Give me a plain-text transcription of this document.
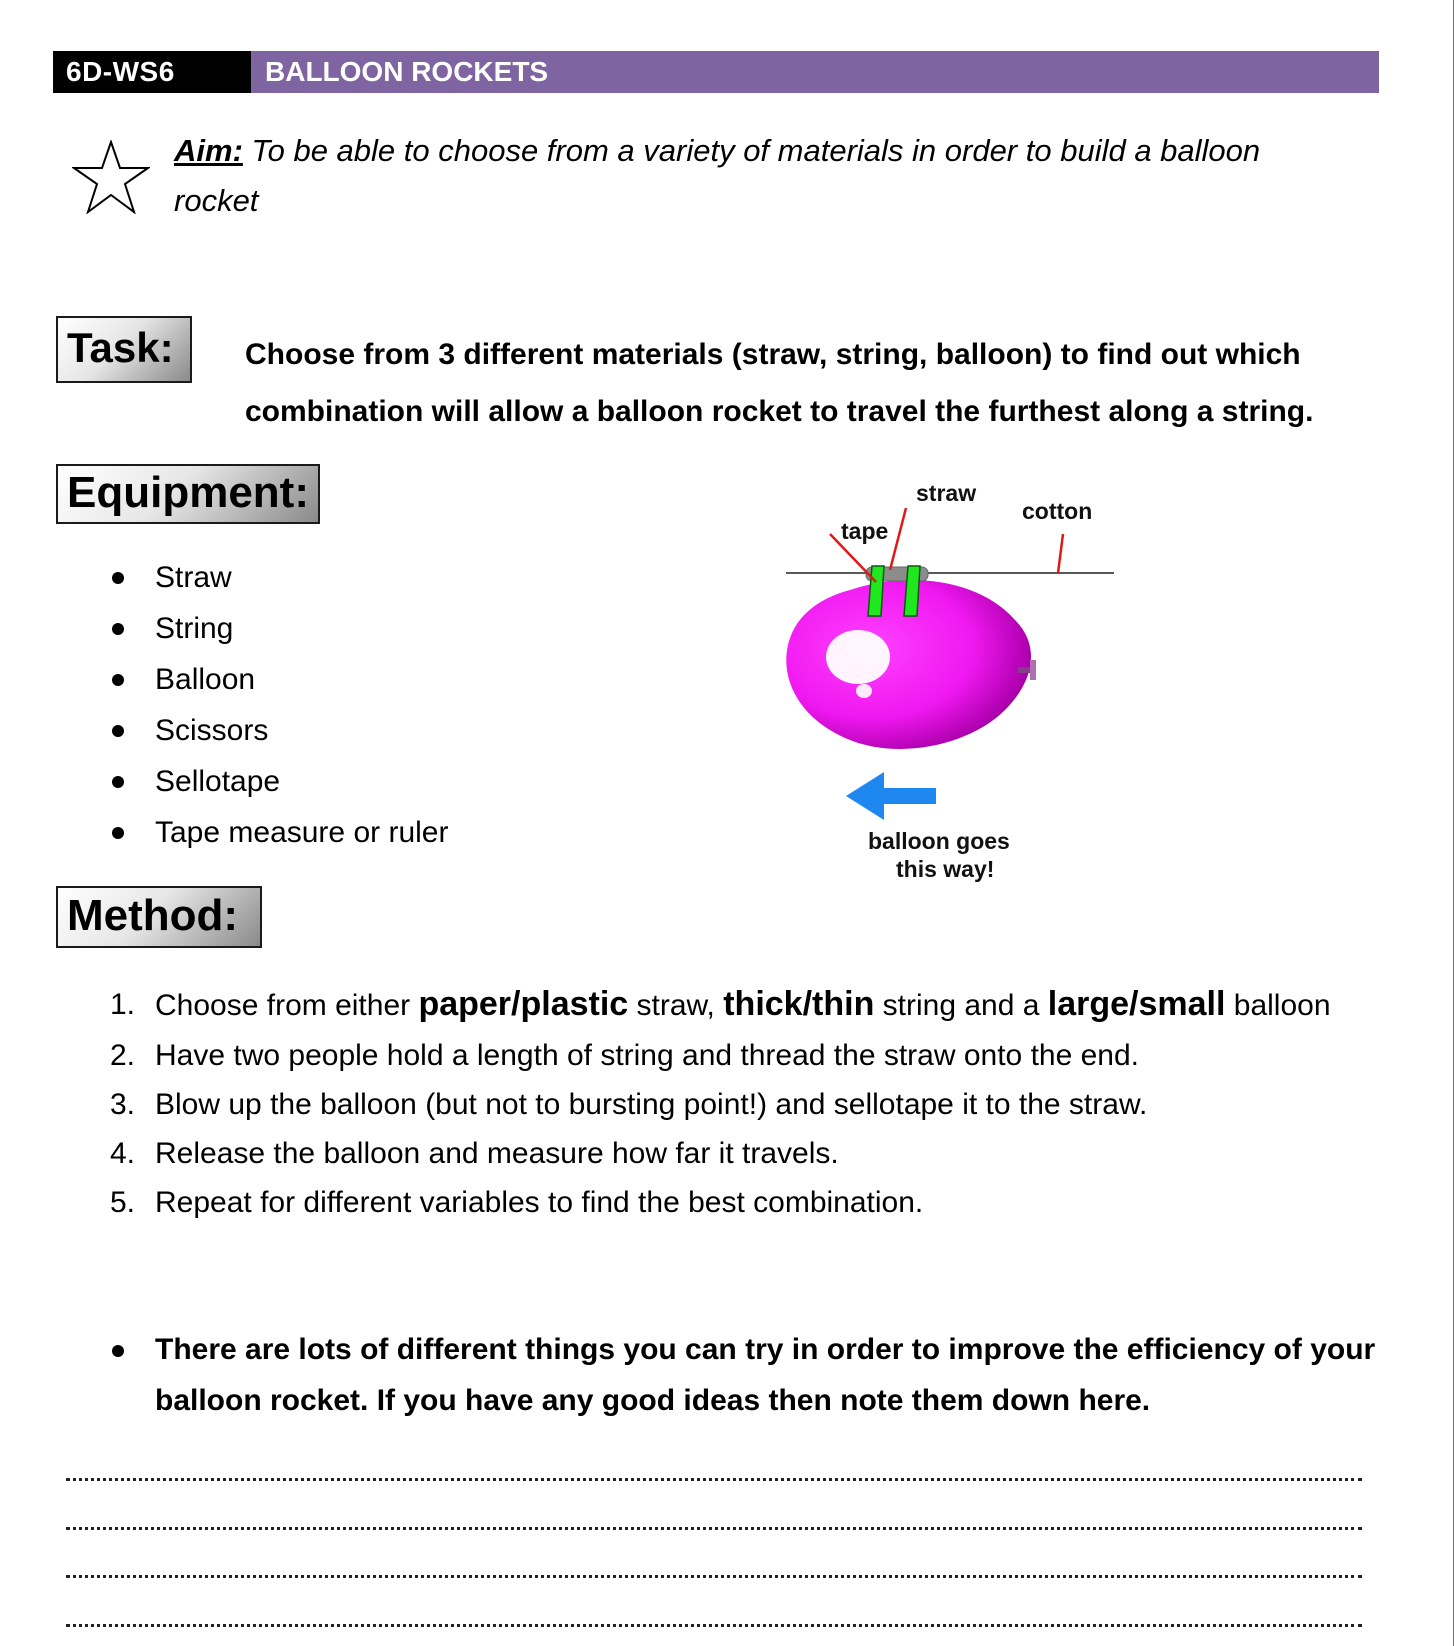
6D-WS6	BALLOON ROCKETS
Aim: To be able to choose from a variety of materials in order to build a balloon rocket
Task:	Choose from 3 different materials (straw, string, balloon) to find out which combination will allow a balloon rocket to travel the furthest along a string.
Equipment:
Straw
String
Balloon
Scissors
Sellotape
Tape measure or ruler
straw
cotton
tape
balloon goes
this way!
Method:
1. Choose from either paper/plastic straw, thick/thin string and a large/small balloon
2. Have two people hold a length of string and thread the straw onto the end.
3. Blow up the balloon (but not to bursting point!) and sellotape it to the straw.
4. Release the balloon and measure how far it travels.
5. Repeat for different variables to find the best combination.
There are lots of different things you can try in order to improve the efficiency of your balloon rocket. If you have any good ideas then note them down here.
